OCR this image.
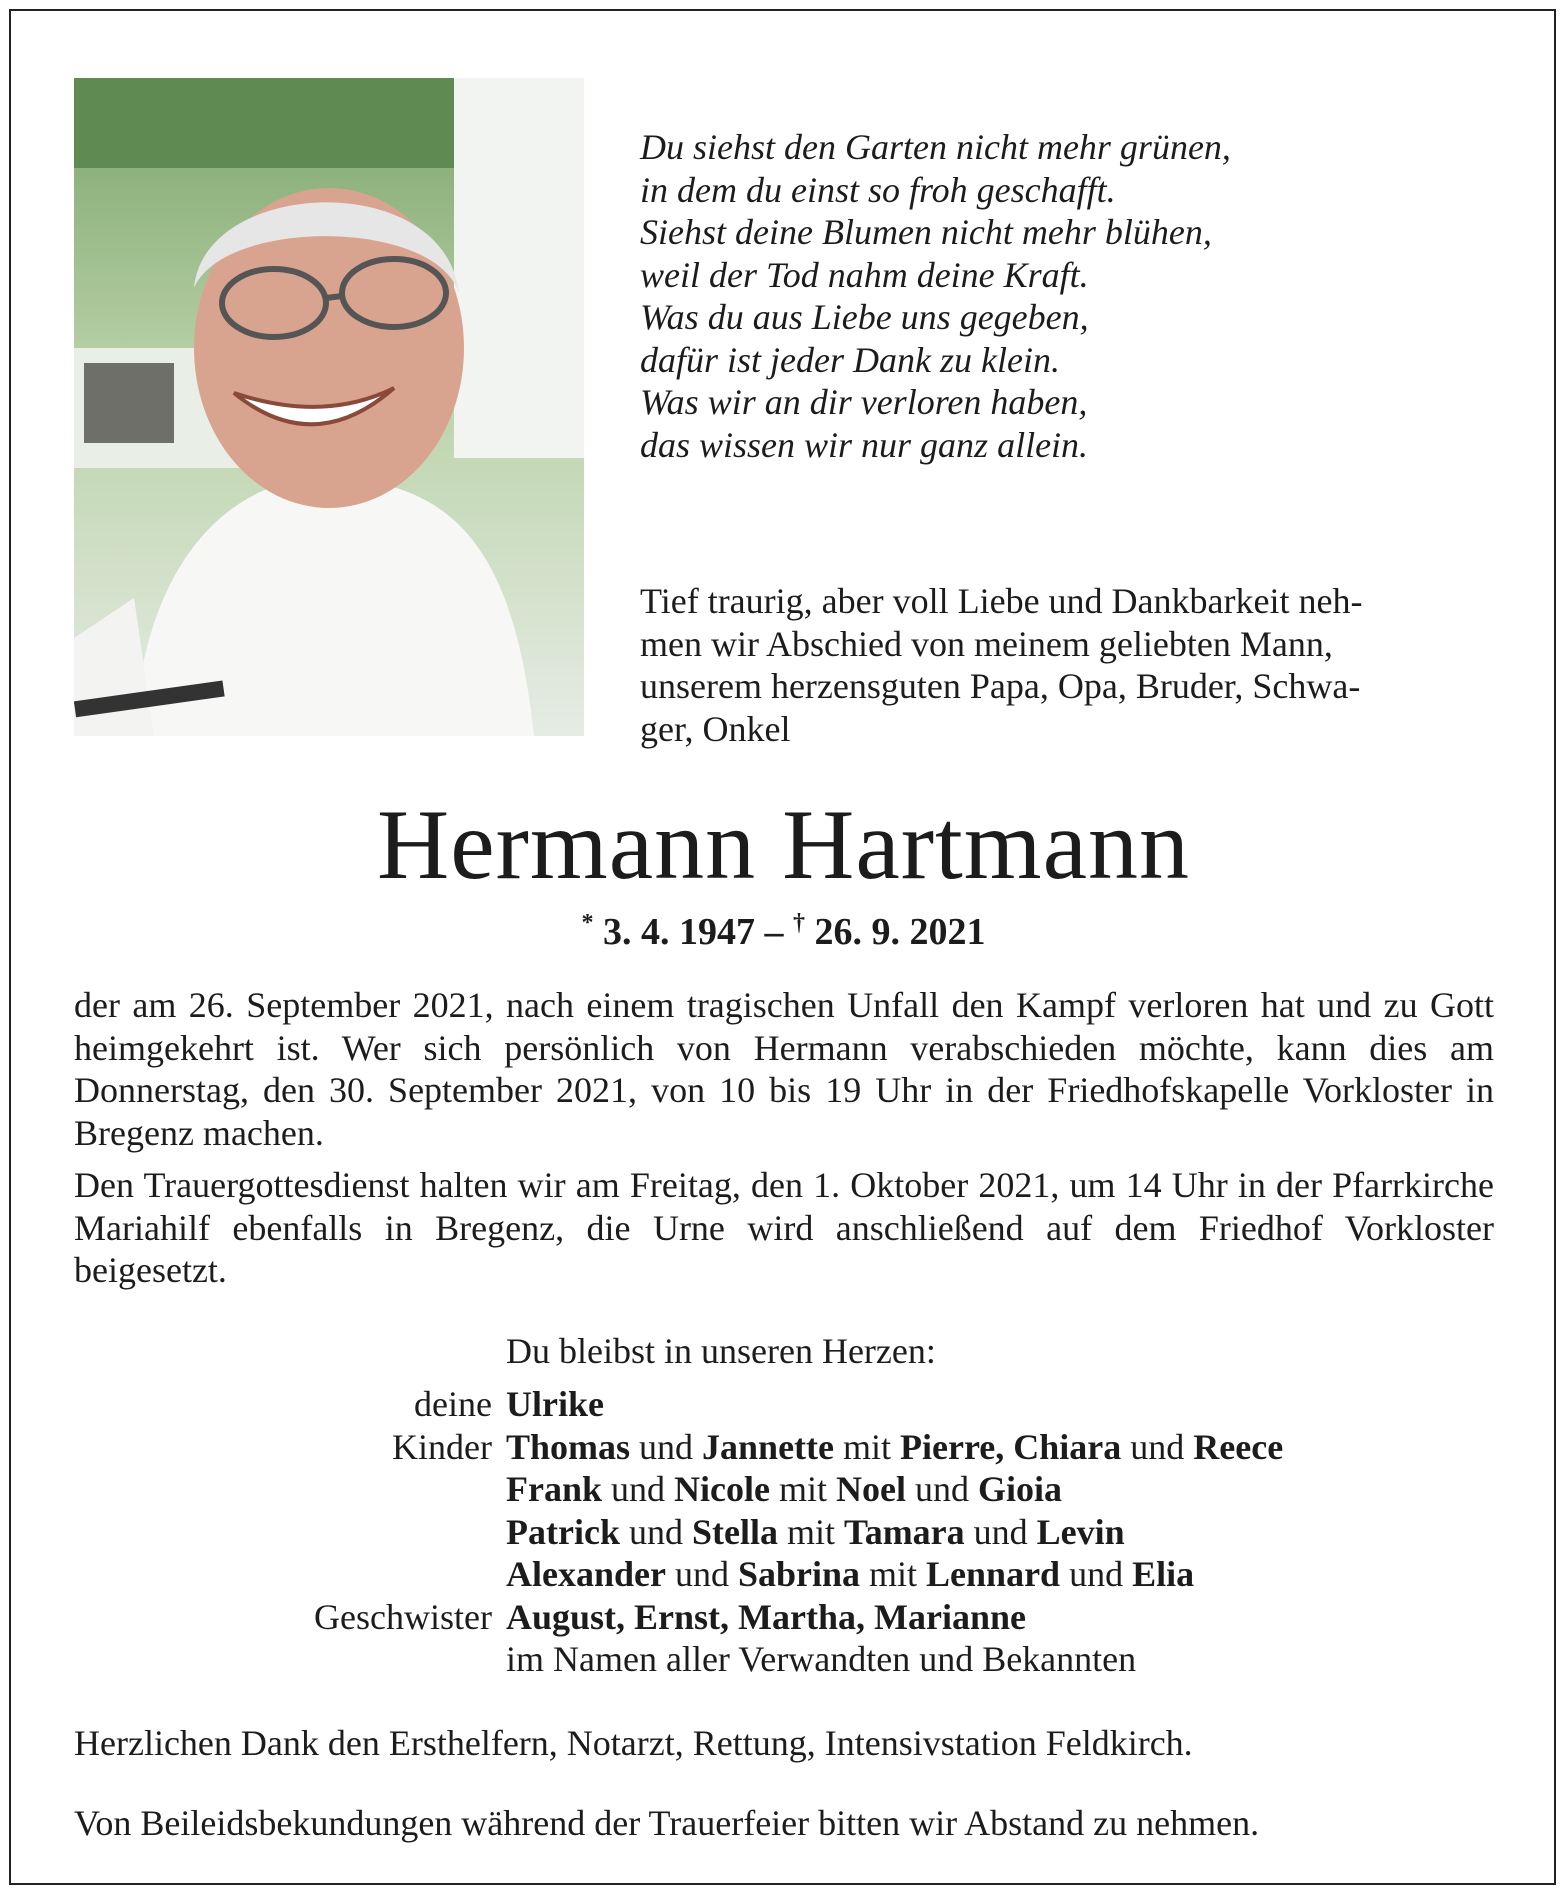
Du siehst den Garten nicht mehr grünen,
in dem du einst so froh geschafft.
Siehst deine Blumen nicht mehr blühen,
weil der Tod nahm deine Kraft.
Was du aus Liebe uns gegeben,
dafür ist jeder Dank zu klein.
Was wir an dir verloren haben,
das wissen wir nur ganz allein.
Tief traurig, aber voll Liebe und Dankbarkeit neh-
men wir Abschied von meinem geliebten Mann,
unserem herzensguten Papa, Opa, Bruder, Schwa-
ger, Onkel
Hermann Hartmann
* 3. 4. 1947 – † 26. 9. 2021
der am 26. September 2021, nach einem tragischen Unfall den Kampf verloren hat und zu Gott heimgekehrt ist. Wer sich persönlich von Hermann verabschieden möchte, kann dies am Donnerstag, den 30. September 2021, von 10 bis 19 Uhr in der Friedhofskapelle Vorkloster in Bregenz machen.
Den Trauergottesdienst halten wir am Freitag, den 1. Oktober 2021, um 14 Uhr in der Pfarrkirche Mariahilf ebenfalls in Bregenz, die Urne wird anschließend auf dem Friedhof Vorkloster beigesetzt.
Du bleibst in unseren Herzen:
deine Ulrike
Kinder Thomas und Jannette mit Pierre, Chiara und Reece
Frank und Nicole mit Noel und Gioia
Patrick und Stella mit Tamara und Levin
Alexander und Sabrina mit Lennard und Elia
Geschwister August, Ernst, Martha, Marianne
im Namen aller Verwandten und Bekannten
Herzlichen Dank den Ersthelfern, Notarzt, Rettung, Intensivstation Feldkirch.
Von Beileidsbekundungen während der Trauerfeier bitten wir Abstand zu nehmen.
